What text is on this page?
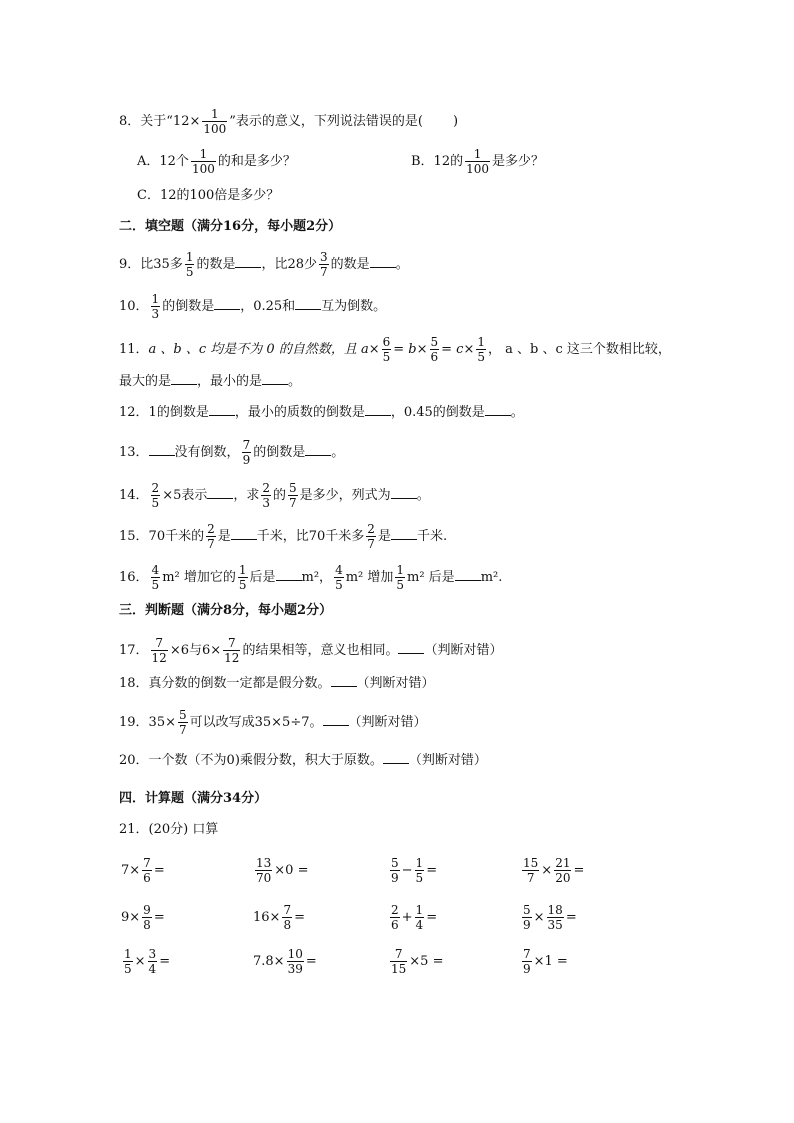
8．关于“$12\times \frac{1}{100}$ ”表示的意义，下列说法错误的是( )
A．12个 $\frac{1}{100}$ 的和是多少？	B．12的 $\frac{1}{100}$ 是多少？
C．12的100倍是多少？
二．填空题（满分16分，每小题2分）
9．比35多 $\frac{1}{5}$ 的数是 ，比28少 $\frac{3}{7}$ 的数是 。
10． $\frac{1}{3}$ 的倒数是 ，0.25和 互为倒数。
11．a 、b 、c 均是不为 0 的自然数，且 $a\times \frac{6}{5} = b\times \frac{5}{6} = c\times \frac{1}{5}$ ， a 、b 、c 这三个数相比较，
最大的是 ，最小的是 。
12．1的倒数是 ，最小的质数的倒数是 ，0.45的倒数是 。
13． 没有倒数， $\frac{7}{9}$ 的倒数是 。
14． $\frac{2}{5} \times 5$表示 ，求 $\frac{2}{3}$ 的 $\frac{5}{7}$ 是多少，列式为 。
15．70千米的 $\frac{2}{7}$ 是 千米，比70千米多 $\frac{2}{7}$ 是 千米.
16． $\frac{4}{5} m^2$ 增加它的 $\frac{1}{5}$ 后是 m²， $\frac{4}{5} m^2$ 增加 $\frac{1}{5} m^2$ 后是 m².
三．判断题（满分8分，每小题2分）
17． $\frac{7}{12} \times 6$与$6\times \frac{7}{12}$ 的结果相等，意义也相同。 （判断对错）
18．真分数的倒数一定都是假分数。 （判断对错）
19．$35\times \frac{5}{7}$ 可以改写成35×5÷7。 （判断对错）
20．一个数（不为0)乘假分数，积大于原数。 （判断对错）
四．计算题（满分34分）
21．(20分) 口算
$7\times \frac{7}{6}$ =	$\frac{13}{70} \times 0$ =	$\frac{5}{9} - \frac{1}{5}$ =	$\frac{15}{7} \times \frac{21}{20}$ =
$9\times \frac{9}{8}$ =	$16\times \frac{7}{8}$ =	$\frac{2}{6} + \frac{1}{4}$ =	$\frac{5}{9} \times \frac{18}{35}$ =
$\frac{1}{5} \times \frac{3}{4}$ =	$7.8\times \frac{10}{39}$ =	$\frac{7}{15} \times 5$ =	$\frac{7}{9} \times 1$ =
